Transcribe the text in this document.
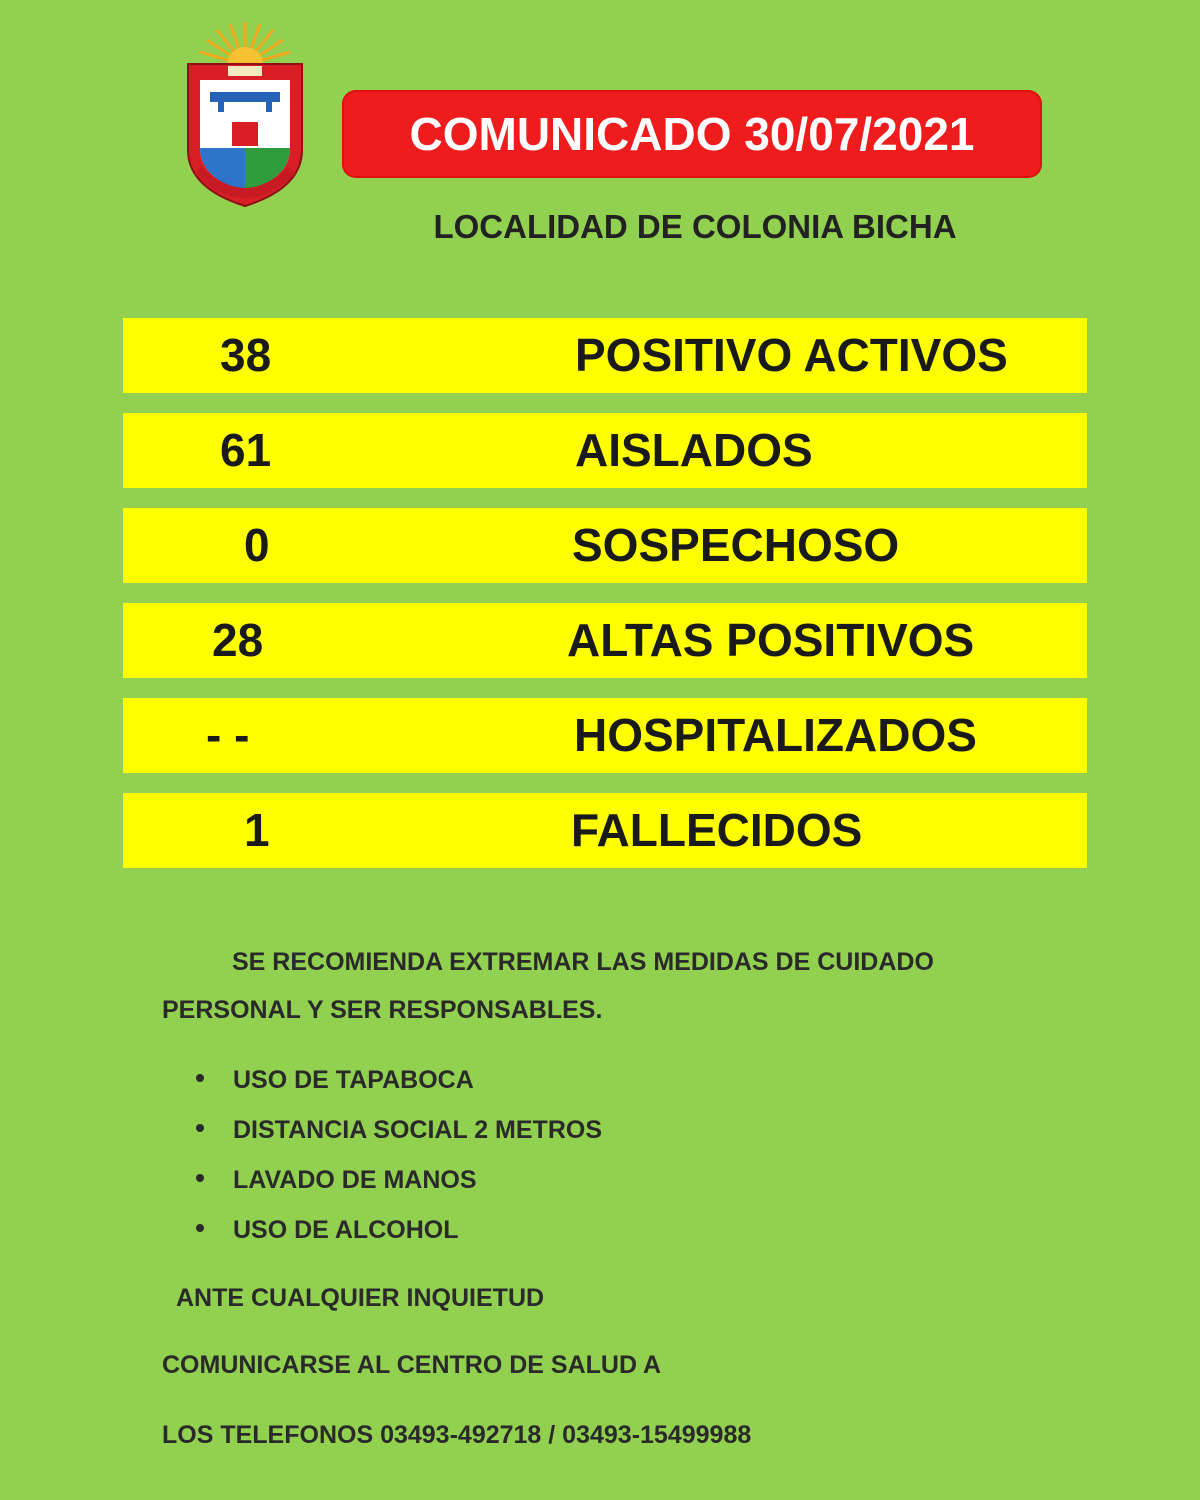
COMUNICADO 30/07/2021
LOCALIDAD DE COLONIA BICHA
38	POSITIVO ACTIVOS
61	AISLADOS
0	SOSPECHOSO
28	ALTAS POSITIVOS
- -	HOSPITALIZADOS
1	FALLECIDOS
SE RECOMIENDA EXTREMAR LAS MEDIDAS DE CUIDADO
PERSONAL Y SER RESPONSABLES.
USO DE TAPABOCA
DISTANCIA SOCIAL 2 METROS
LAVADO DE MANOS
USO DE ALCOHOL
ANTE CUALQUIER INQUIETUD
COMUNICARSE AL CENTRO DE SALUD A
LOS TELEFONOS 03493-492718 / 03493-15499988
